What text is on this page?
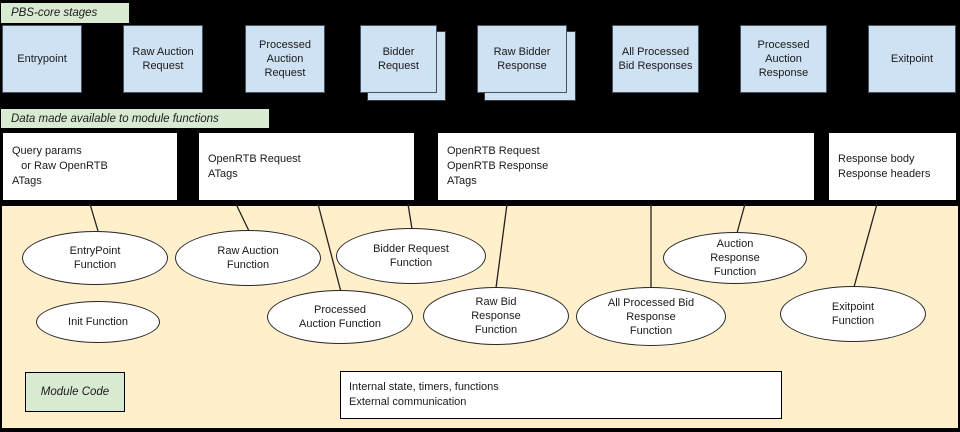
PBS-core stages
Entrypoint
Raw Auction Request
Processed Auction Request
Bidder Request
Raw Bidder Response
All Processed Bid Responses
Processed Auction Response
Exitpoint
Data made available to module functions
Query params
or Raw OpenRTB
ATags
OpenRTB Request
ATags
OpenRTB Request
OpenRTB Response
ATags
Response body
Response headers
EntryPoint
Function
Init Function
Raw Auction
Function
Processed
Auction Function
Bidder Request
Function
Raw Bid
Response
Function
All Processed Bid
Response
Function
Auction
Response
Function
Exitpoint
Function
Module Code	Internal state, timers, functions
External communication
